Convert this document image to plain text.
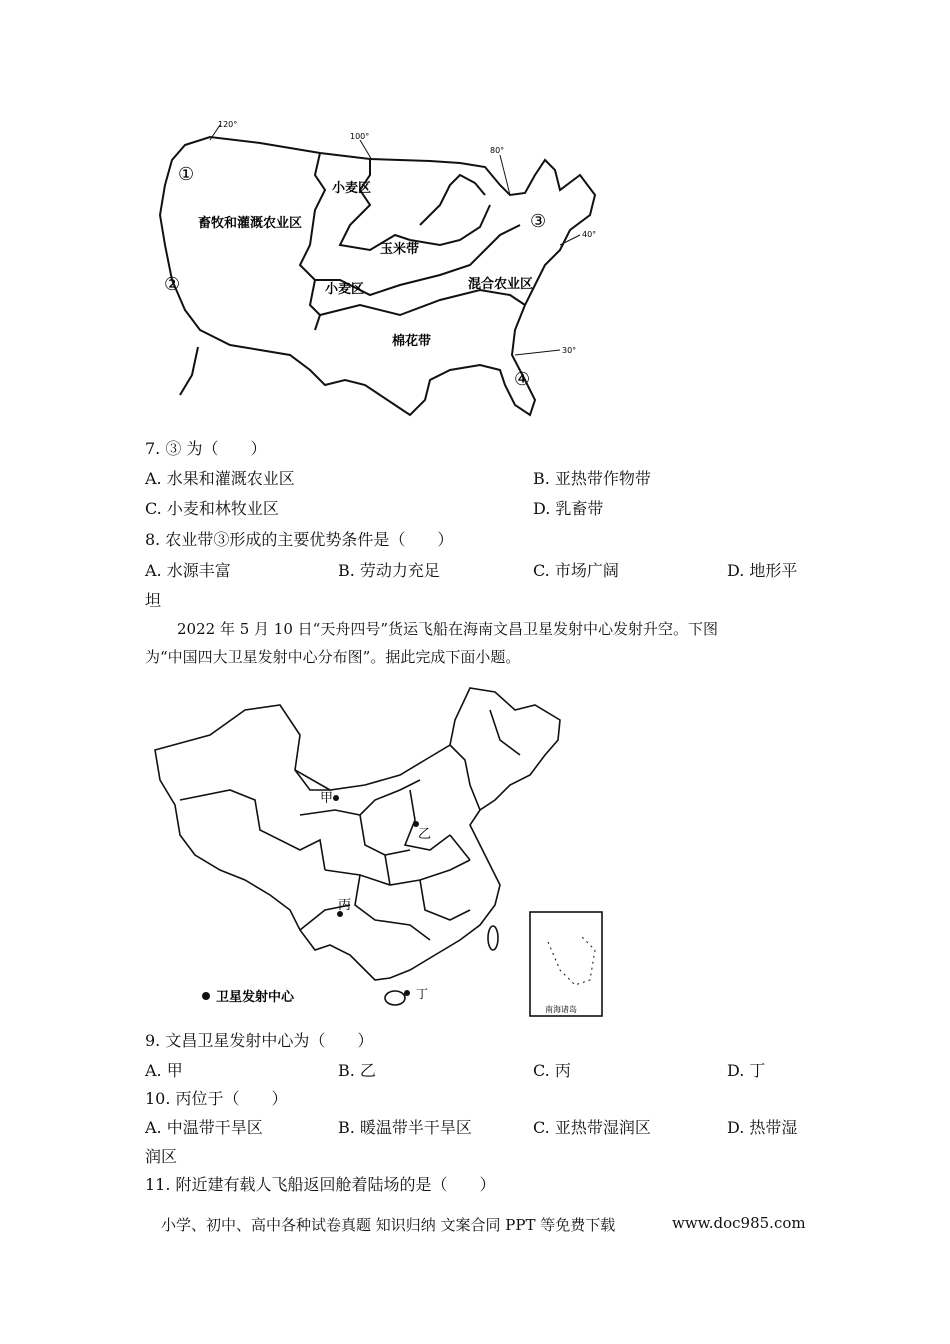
120°
100°
80°
40°
30°
畜牧和灌溉农业区
小麦区
玉米带
小麦区	混合农业区
棉花带
①
②
③
④
7. ③ 为（　　）
A. 水果和灌溉农业区	B. 亚热带作物带
C. 小麦和林牧业区	D. 乳畜带
8. 农业带③形成的主要优势条件是（　　）
A. 水源丰富	B. 劳动力充足	C. 市场广阔	D. 地形平
坦
2022 年 5 月 10 日“天舟四号”货运飞船在海南文昌卫星发射中心发射升空。下图
为“中国四大卫星发射中心分布图”。据此完成下面小题。
南海诸岛
甲
乙
丙
丁
卫星发射中心
9. 文昌卫星发射中心为（　　）
A. 甲	B. 乙	C. 丙	D. 丁
10. 丙位于（　　）
A. 中温带干旱区	B. 暖温带半干旱区	C. 亚热带湿润区	D. 热带湿
润区
11. 附近建有载人飞船返回舱着陆场的是（　　）
小学、初中、高中各种试卷真题 知识归纳 文案合同 PPT 等免费下载	www.doc985.com
